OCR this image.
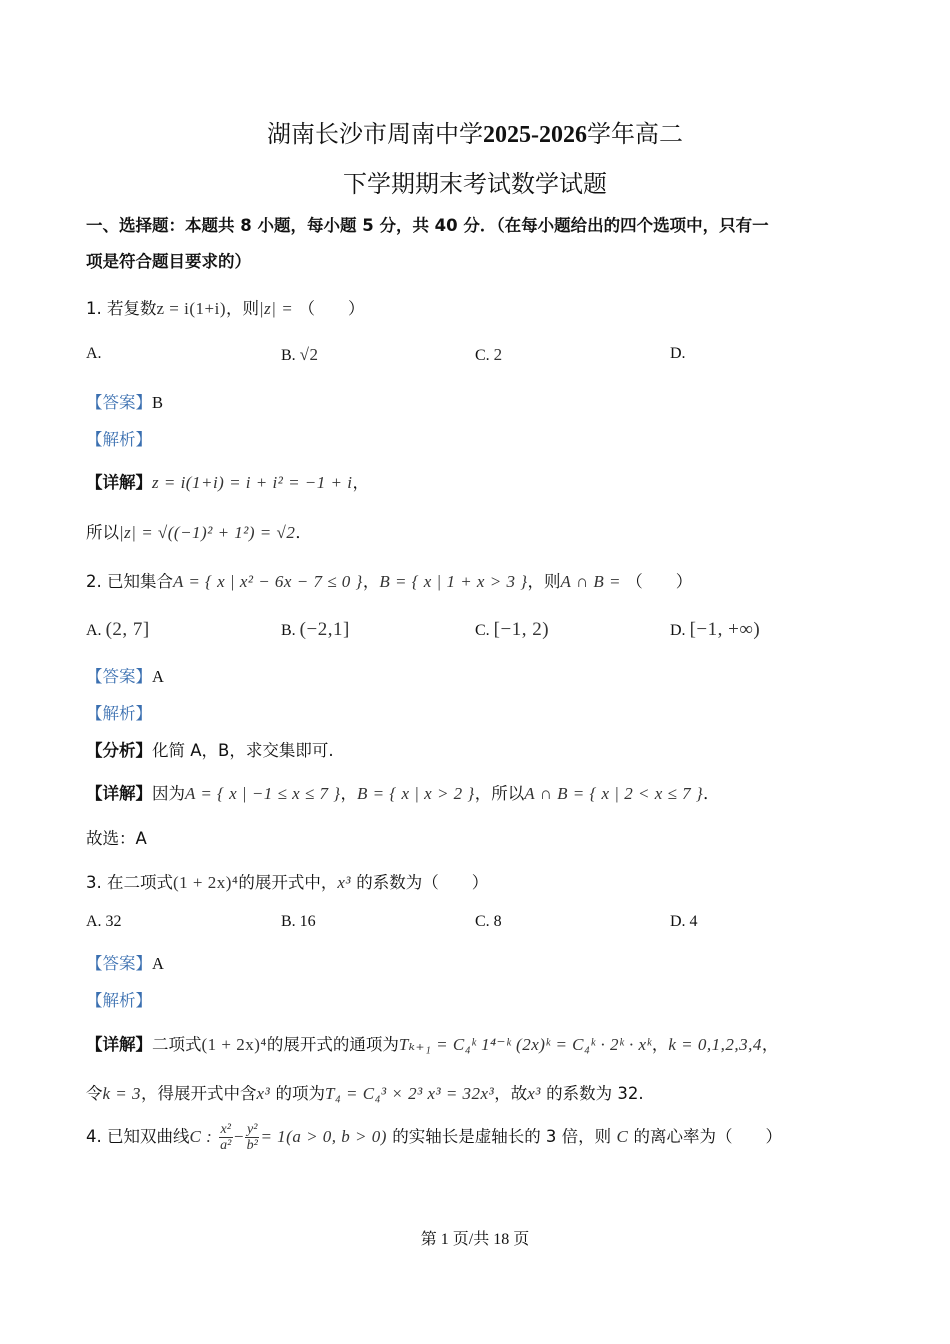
湖南长沙市周南中学2025-2026学年高二
下学期期末考试数学试题
一、选择题：本题共 8 小题，每小题 5 分，共 40 分．（在每小题给出的四个选项中，只有一
项是符合题目要求的）
1. 若复数z = i(1+i)，则|z| = （　　）
A.	B. √2	C. 2	D.
【答案】B
【解析】
【详解】z = i(1+i) = i + i² = −1 + i，
所以|z| = √((−1)² + 1²) = √2．
2. 已知集合A = { x | x² − 6x − 7 ≤ 0 }，B = { x | 1 + x > 3 }，则A ∩ B = （　　）
A. (2, 7]	B. (−2,1]	C. [−1, 2)	D. [−1, +∞)
【答案】A
【解析】
【分析】化简 A，B，求交集即可.
【详解】因为A = { x | −1 ≤ x ≤ 7 }，B = { x | x > 2 }，所以A ∩ B = { x | 2 < x ≤ 7 }．
故选：A
3. 在二项式(1 + 2x)⁴的展开式中，x³ 的系数为（　　）
A. 32	B. 16	C. 8	D. 4
【答案】A
【解析】
【详解】二项式(1 + 2x)⁴的展开式的通项为Tₖ₊₁ = C₄ᵏ 1⁴⁻ᵏ (2x)ᵏ = C₄ᵏ · 2ᵏ · xᵏ，k = 0,1,2,3,4，
令k = 3，得展开式中含x³ 的项为T₄ = C₄³ × 2³ x³ = 32x³，故x³ 的系数为 32.
4. 已知双曲线C : $\frac{\text{x²}}{\text{a²}} - \frac{\text{y²}}{\text{b²}} = 1(a > 0$, b > 0) 的实轴长是虚轴长的 3 倍，则 C 的离心率为（　　）
第 1 页/共 18 页
